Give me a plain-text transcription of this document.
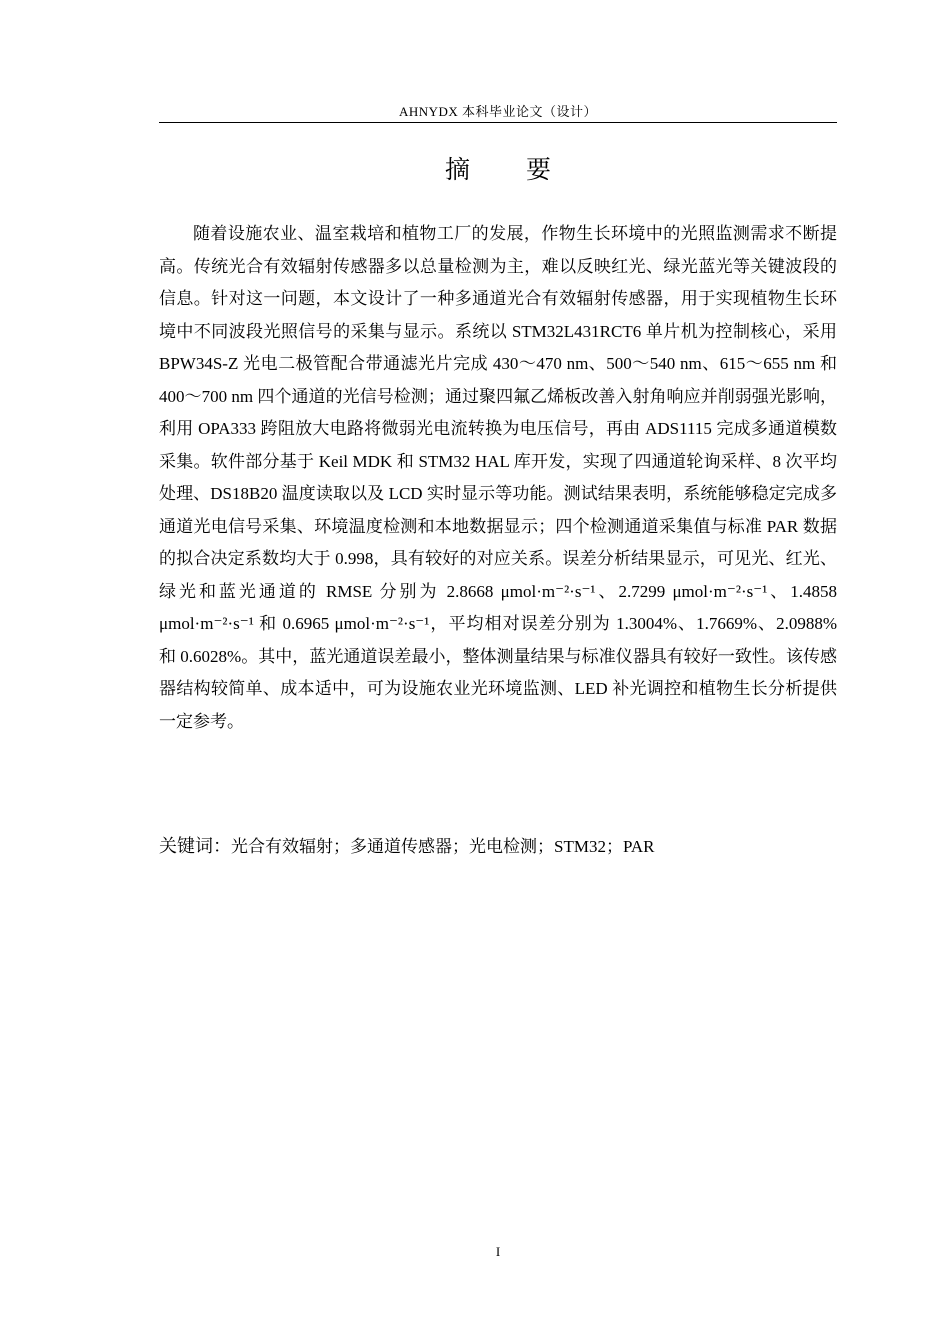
AHNYDX 本科毕业论文（设计）
摘 要

随着设施农业、温室栽培和植物工厂的发展，作物生长环境中的光照监测需求不断提高。传统光合有效辐射传感器多以总量检测为主，难以反映红光、绿光蓝光等关键波段的信息。针对这一问题，本文设计了一种多通道光合有效辐射传感器，用于实现植物生长环境中不同波段光照信号的采集与显示。系统以 STM32L431RCT6 单片机为控制核心，采用 BPW34S-Z 光电二极管配合带通滤光片完成 430～470 nm、500～540 nm、615～655 nm 和 400～700 nm 四个通道的光信号检测；通过聚四氟乙烯板改善入射角响应并削弱强光影响，利用 OPA333 跨阻放大电路将微弱光电流转换为电压信号，再由 ADS1115 完成多通道模数采集。软件部分基于 Keil MDK 和 STM32 HAL 库开发，实现了四通道轮询采样、8 次平均处理、DS18B20 温度读取以及 LCD 实时显示等功能。测试结果表明，系统能够稳定完成多通道光电信号采集、环境温度检测和本地数据显示；四个检测通道采集值与标准 PAR 数据的拟合决定系数均大于 0.998，具有较好的对应关系。误差分析结果显示，可见光、红光、绿光和蓝光通道的 RMSE 分别为 2.8668 μmol·m⁻²·s⁻¹、2.7299 μmol·m⁻²·s⁻¹、1.4858 μmol·m⁻²·s⁻¹ 和 0.6965 μmol·m⁻²·s⁻¹，平均相对误差分别为 1.3004%、1.7669%、2.0988% 和 0.6028%。其中，蓝光通道误差最小，整体测量结果与标准仪器具有较好一致性。该传感器结构较简单、成本适中，可为设施农业光环境监测、LED 补光调控和植物生长分析提供一定参考。

关键词：光合有效辐射；多通道传感器；光电检测；STM32；PAR
I
